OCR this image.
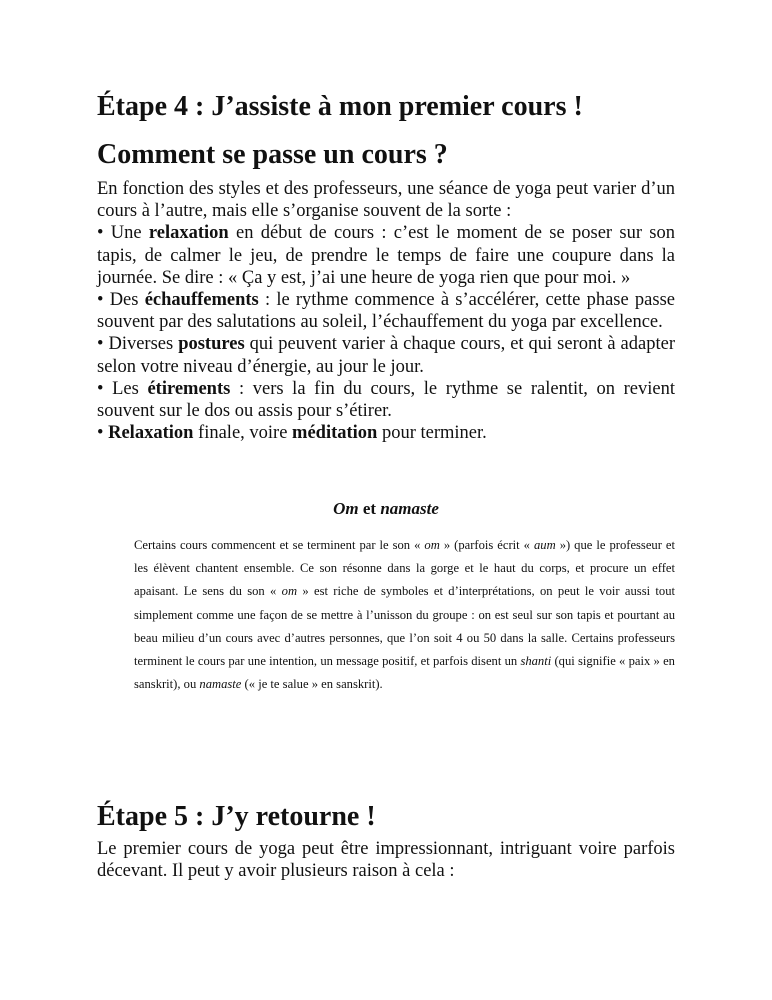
Étape 4 : J’assiste à mon premier cours !
Comment se passe un cours ?

En fonction des styles et des professeurs, une séance de yoga peut varier d’un cours à l’autre, mais elle s’organise souvent de la sorte :

• Une relaxation en début de cours : c’est le moment de se poser sur son tapis, de calmer le jeu, de prendre le temps de faire une coupure dans la journée. Se dire : « Ça y est, j’ai une heure de yoga rien que pour moi. »

• Des échauffements : le rythme commence à s’accélérer, cette phase passe souvent par des salutations au soleil, l’échauffement du yoga par excellence.

• Diverses postures qui peuvent varier à chaque cours, et qui seront à adapter selon votre niveau d’énergie, au jour le jour.

• Les étirements : vers la fin du cours, le rythme se ralentit, on revient souvent sur le dos ou assis pour s’étirer.

• Relaxation finale, voire méditation pour terminer.

Om et namaste

Certains cours commencent et se terminent par le son « om » (parfois écrit « aum ») que le professeur et les élèvent chantent ensemble. Ce son résonne dans la gorge et le haut du corps, et procure un effet apaisant. Le sens du son « om » est riche de symboles et d’interprétations, on peut le voir aussi tout simplement comme une façon de se mettre à l’unisson du groupe : on est seul sur son tapis et pourtant au beau milieu d’un cours avec d’autres personnes, que l’on soit 4 ou 50 dans la salle. Certains professeurs terminent le cours par une intention, un message positif, et parfois disent un shanti (qui signifie « paix » en sanskrit), ou namaste (« je te salue » en sanskrit).

Étape 5 : J’y retourne !

Le premier cours de yoga peut être impressionnant, intriguant voire parfois décevant. Il peut y avoir plusieurs raison à cela :
